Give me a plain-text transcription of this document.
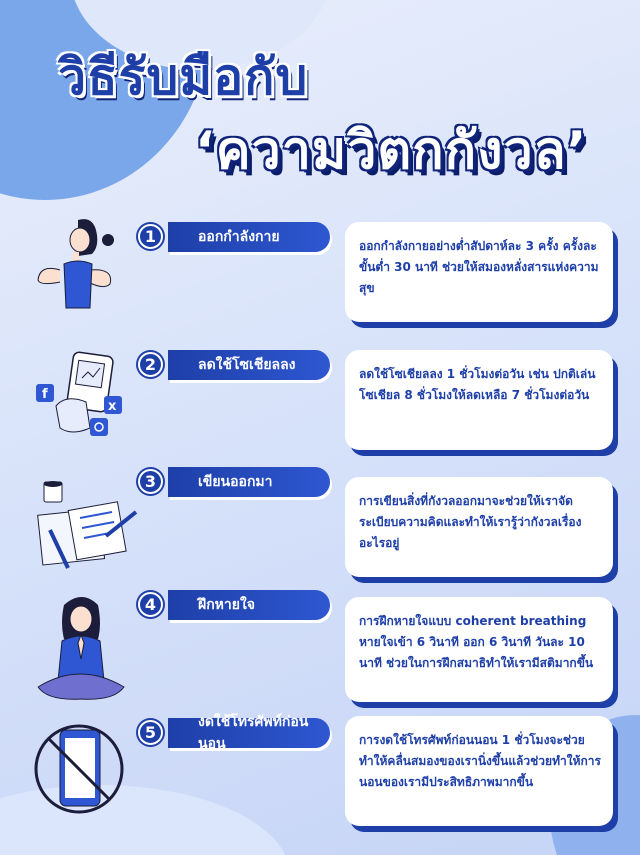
วิธีรับมือกับ
‘ความวิตกกังวล’
f
x
ออกกำลังกาย
1	ออกกำลังกายอย่างต่ำสัปดาห์ละ 3 ครั้ง ครั้งละขั้นต่ำ 30 นาที ช่วยให้สมองหลั่งสารแห่งความสุข
ลดใช้โซเชียลลง
2	ลดใช้โซเชียลลง 1 ชั่วโมงต่อวัน เช่น ปกติเล่นโซเชียล 8 ชั่วโมงให้ลดเหลือ 7 ชั่วโมงต่อวัน
เขียนออกมา
3
การเขียนสิ่งที่กังวลออกมาจะช่วยให้เราจัดระเบียบความคิดและทำให้เรารู้ว่ากังวลเรื่องอะไรอยู่
ฝึกหายใจ
4
การฝึกหายใจแบบ coherent breathing หายใจเข้า 6 วินาที ออก 6 วินาที วันละ 10 นาที ช่วยในการฝึกสมาธิทำให้เรามีสติมากขึ้น
งดใช้โทรศัพท์ก่อนนอน
5	การงดใช้โทรศัพท์ก่อนนอน 1 ชั่วโมงจะช่วยทำให้คลื่นสมองของเรานิ่งขึ้นแล้วช่วยทำให้การนอนของเรามีประสิทธิภาพมากขึ้น
